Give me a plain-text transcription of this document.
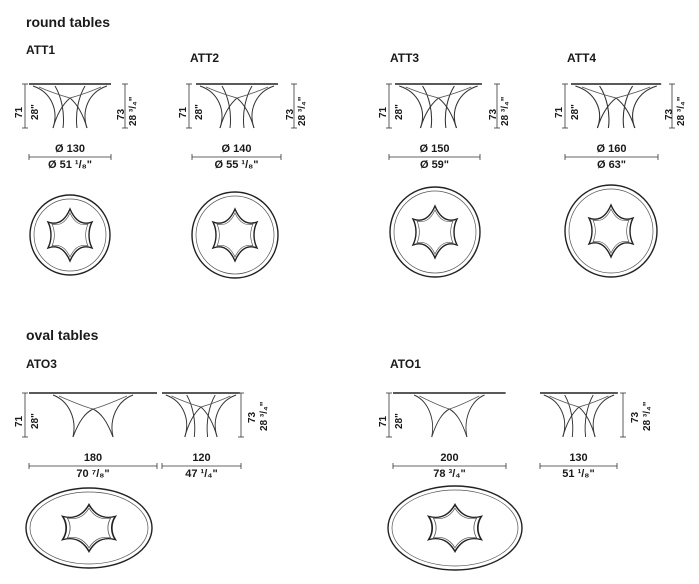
round tables
oval tables
ATT1
ATT2	ATT3	ATT4
ATO3	ATO1
71 28"	73 28 ³/₄"	71 28"	73 28 ³/₄"	71 28"	73 28 ³/₄"	71 28"	73 28 ³/₄"
71 28"	73 28 ³/₄"	71 28"	73 28 ³/₄"
Ø 130
Ø 51 ¹/₈"
Ø 140
Ø 55 ¹/₈"
Ø 150
Ø 59"
Ø 160
Ø 63"
180
70 ⁷/₈"
120
47 ¹/₄"
200
78 ³/₄"
130
51 ¹/₈"
